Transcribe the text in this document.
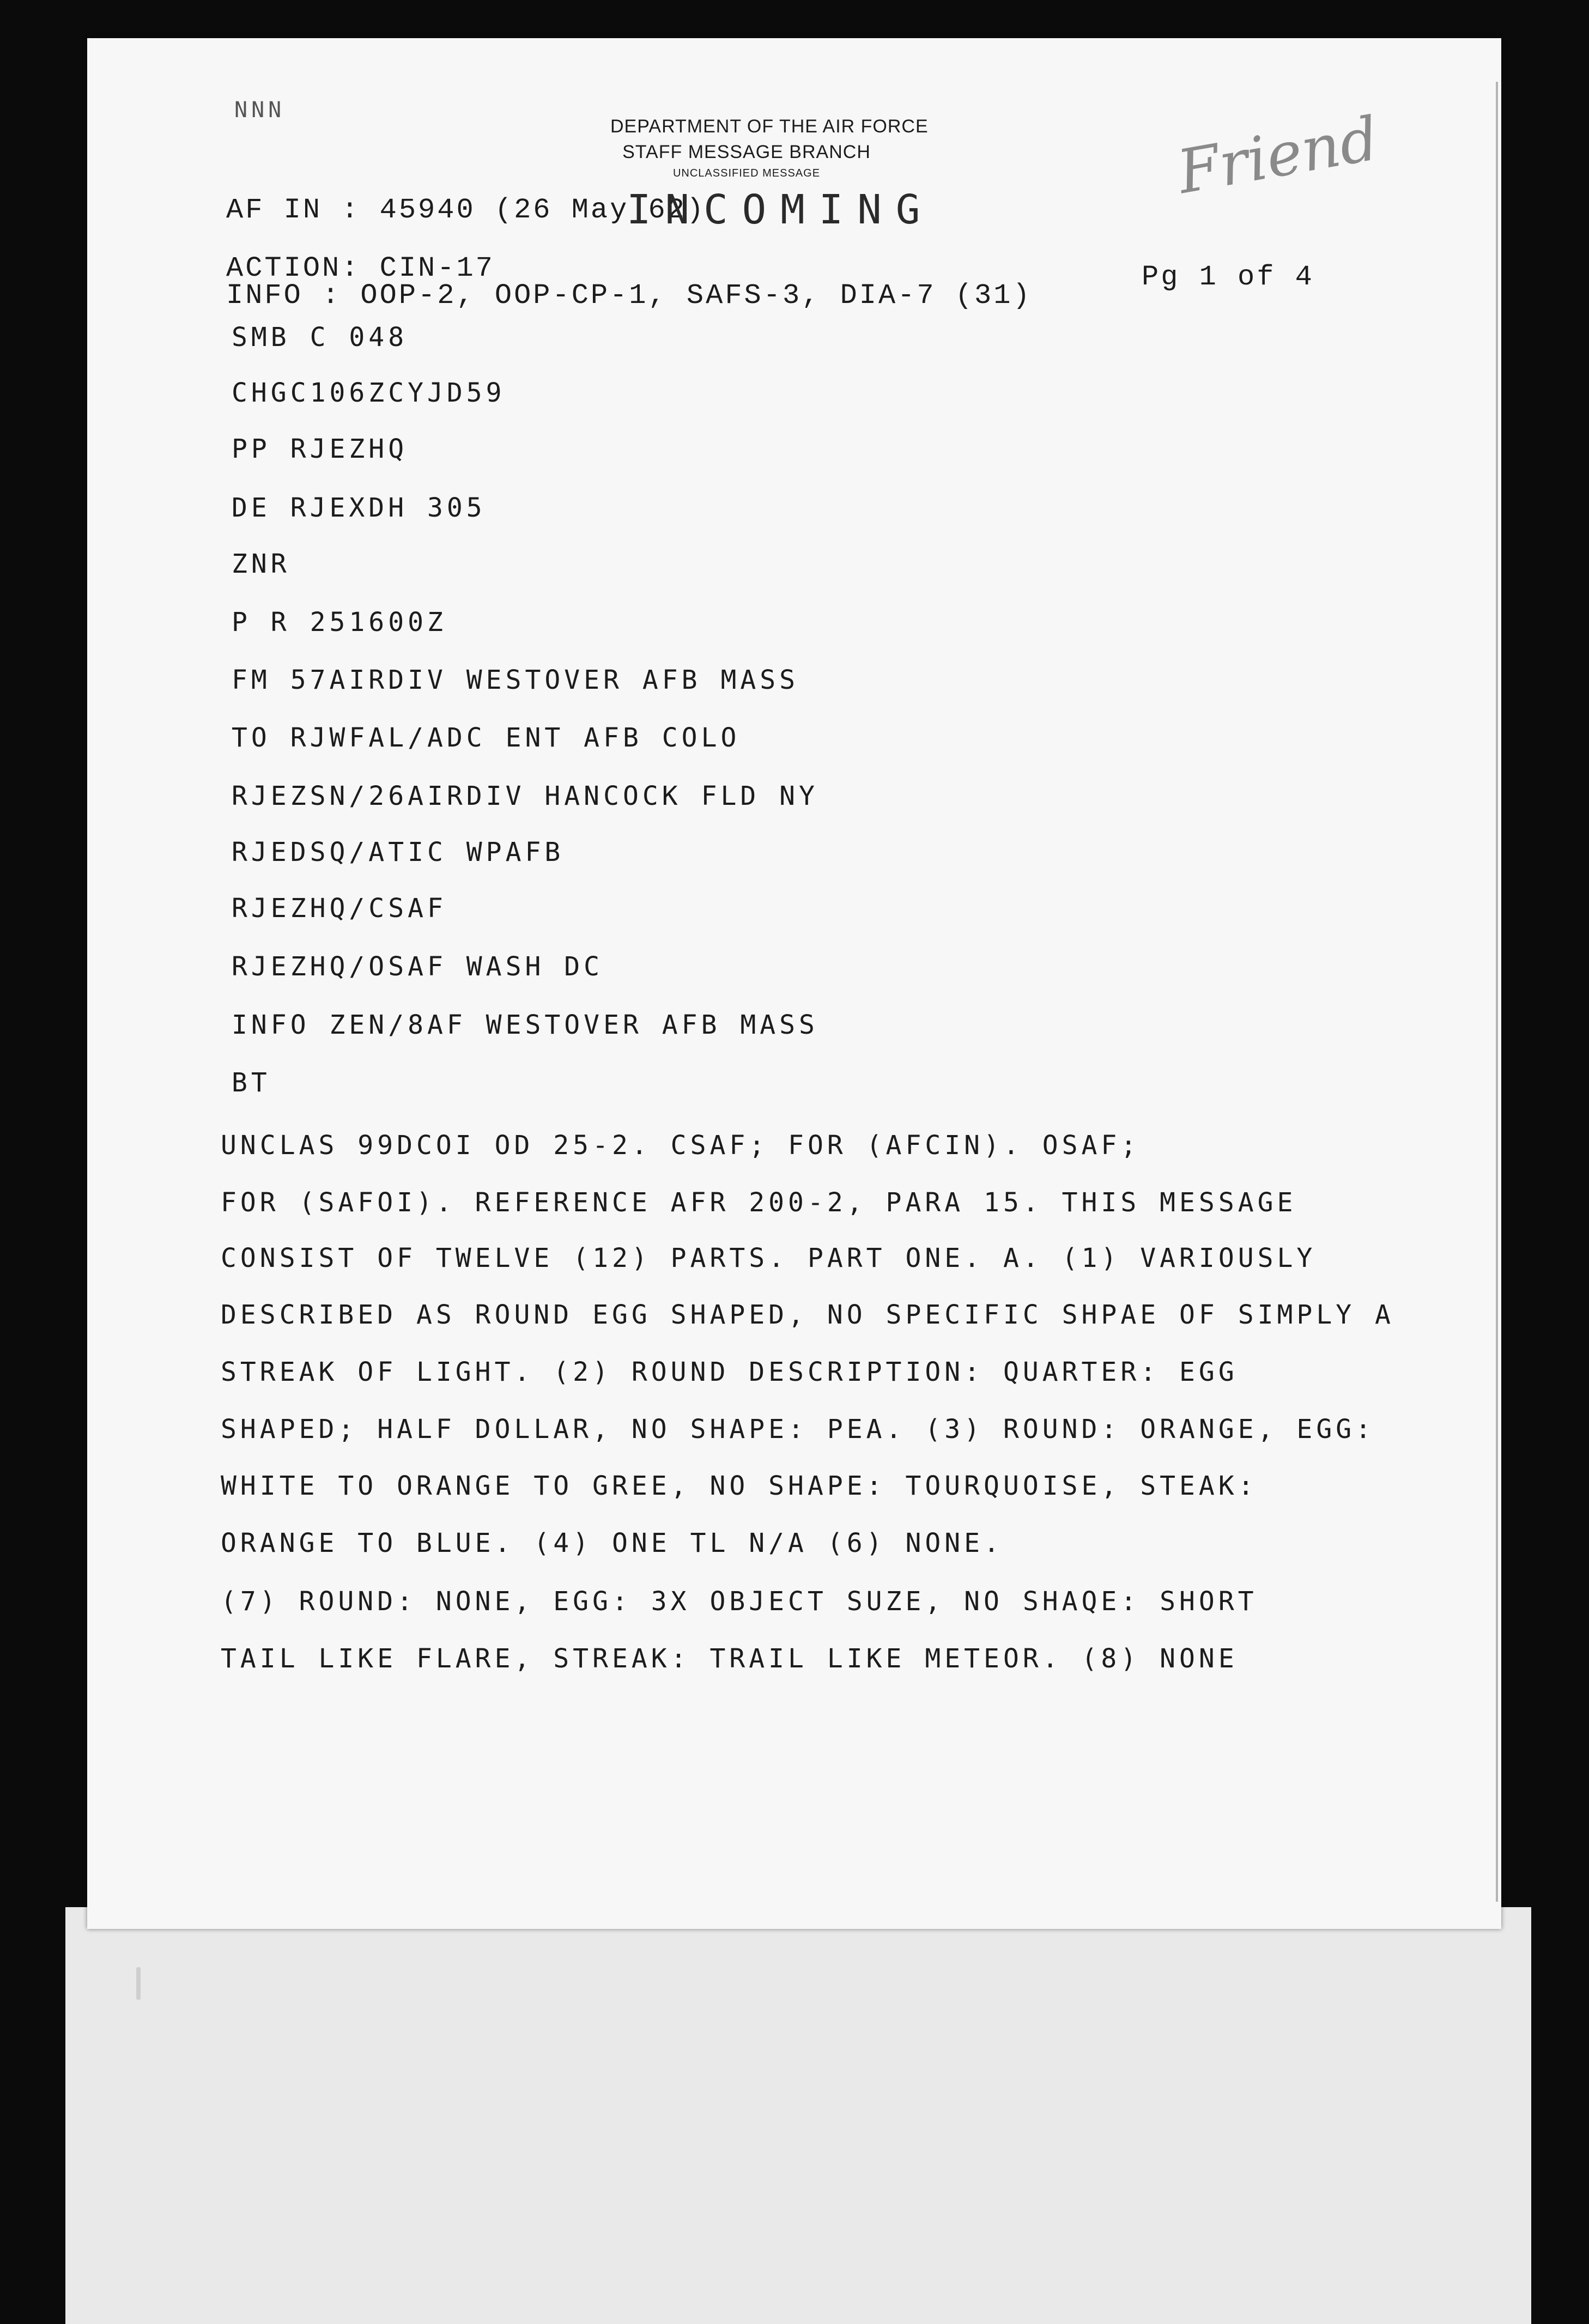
NNN
DEPARTMENT OF THE AIR FORCE
STAFF MESSAGE BRANCH
UNCLASSIFIED MESSAGE	Friend
AF IN : 45940 (26 May 62)
INCOMING
ACTION: CIN-17
INFO : OOP-2, OOP-CP-1, SAFS-3, DIA-7 (31)
Pg 1 of 4
SMB C 048
CHGC106ZCYJD59
PP RJEZHQ
DE RJEXDH 305
ZNR
P R 251600Z
FM 57AIRDIV WESTOVER AFB MASS
TO RJWFAL/ADC ENT AFB COLO
RJEZSN/26AIRDIV HANCOCK FLD NY
RJEDSQ/ATIC WPAFB
RJEZHQ/CSAF
RJEZHQ/OSAF WASH DC
INFO ZEN/8AF WESTOVER AFB MASS
BT
UNCLAS 99DCOI OD 25-2. CSAF; FOR (AFCIN). OSAF;
FOR (SAFOI). REFERENCE AFR 200-2, PARA 15. THIS MESSAGE
CONSIST OF TWELVE (12) PARTS. PART ONE. A. (1) VARIOUSLY
DESCRIBED AS ROUND EGG SHAPED, NO SPECIFIC SHPAE OF SIMPLY A
STREAK OF LIGHT. (2) ROUND DESCRIPTION: QUARTER: EGG
SHAPED; HALF DOLLAR, NO SHAPE: PEA. (3) ROUND: ORANGE, EGG:
WHITE TO ORANGE TO GREE, NO SHAPE: TOURQUOISE, STEAK:
ORANGE TO BLUE. (4) ONE TL N/A (6) NONE.
(7) ROUND: NONE, EGG: 3X OBJECT SUZE, NO SHAQE: SHORT
TAIL LIKE FLARE, STREAK: TRAIL LIKE METEOR. (8) NONE
